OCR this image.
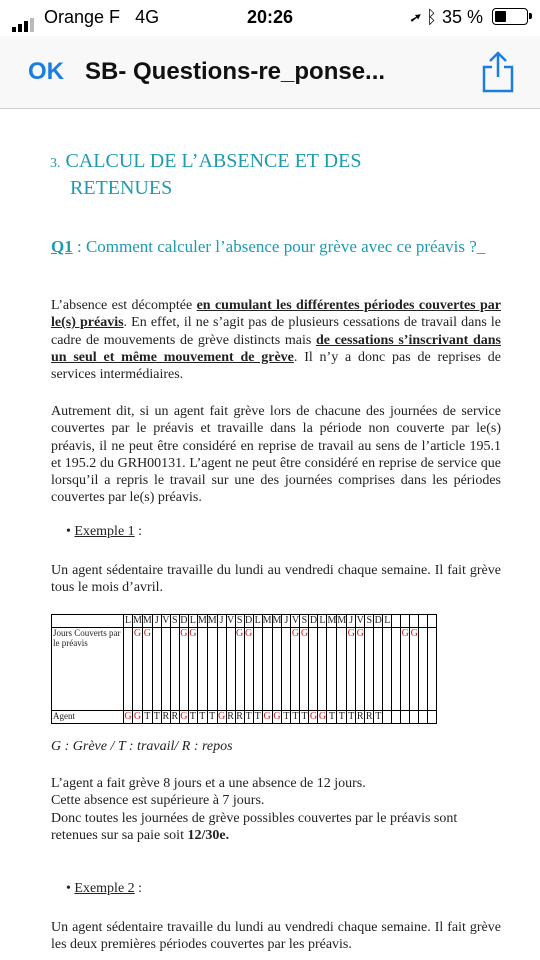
Orange F 4G	20:26	➚ ᛒ 35 %
OK SB- Questions-re_ponse...
3. CALCUL DE L’ABSENCE ET DES
RETENUES
Q1 : Comment calculer l’absence pour grève avec ce préavis ?_
L’absence est décomptée en cumulant les différentes périodes couvertes par le(s) préavis. En effet, il ne s’agit pas de plusieurs cessations de travail dans le cadre de mouvements de grève distincts mais de cessations s’inscrivant dans un seul et même mouvement de grève. Il n’y a donc pas de reprises de services intermédiaires.
Autrement dit, si un agent fait grève lors de chacune des journées de service couvertes par le préavis et travaille dans la période non couverte par le(s) préavis, il ne peut être considéré en reprise de travail au sens de l’article 195.1 et 195.2 du GRH00131. L’agent ne peut être considéré en reprise de service que lorsqu’il a repris le travail sur une des journées comprises dans les périodes couvertes par le(s) préavis.
• Exemple 1 :
Un agent sédentaire travaille du lundi au vendredi chaque semaine. Il fait grève tous le mois d’avril.
	L	M	M	J	V	S	D	L	M	M	J	V	S	D	L	M	M	J	V	S	D	L	M	M	J	V	S	D	L					
Jours Couverts par le préavis		G	G				G	G					G	G					G	G					G	G					G	G		
Agent	G	G	T	T	R	R	G	T	T	T	G	R	R	T	T	G	G	T	T	T	G	G	T	T	T	R	R	T						
G : Grève / T : travail/ R : repos
L’agent a fait grève 8 jours et a une absence de 12 jours.
Cette absence est supérieure à 7 jours.
Donc toutes les journées de grève possibles couvertes par le préavis sont retenues sur sa paie soit 12/30e.
• Exemple 2 :
Un agent sédentaire travaille du lundi au vendredi chaque semaine. Il fait grève les deux premières périodes couvertes par les préavis.
